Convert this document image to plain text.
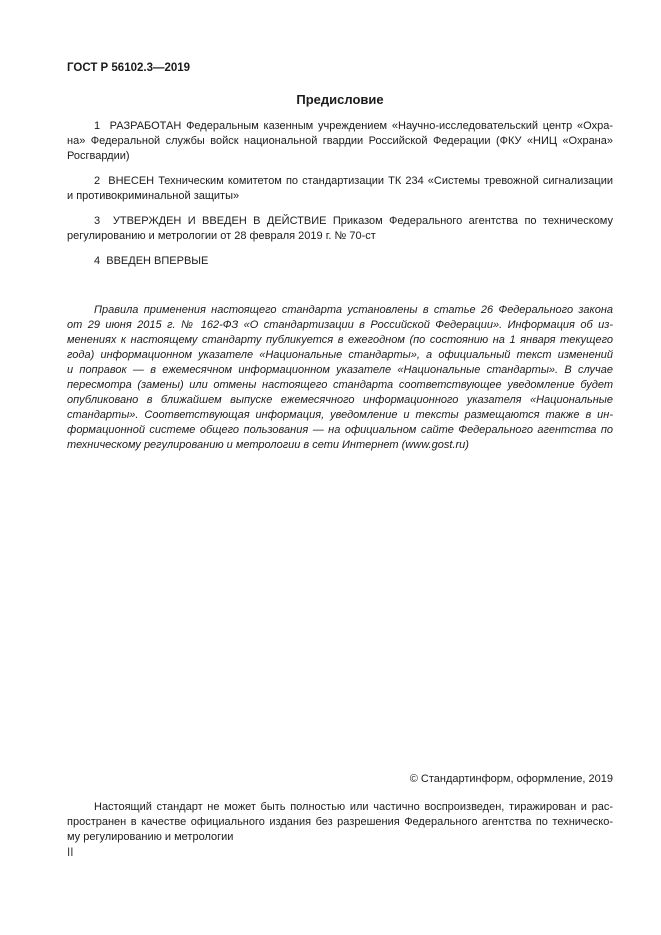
ГОСТ Р 56102.3—2019
Предисловие
1  РАЗРАБОТАН Федеральным казенным учреждением «Научно-исследовательский центр «Охра-
на» Федеральной службы войск национальной гвардии Российской Федерации (ФКУ «НИЦ «Охрана»
Росгвардии)
2  ВНЕСЕН Техническим комитетом по стандартизации ТК 234 «Системы тревожной сигнализации
и противокриминальной защиты»
3  УТВЕРЖДЕН И ВВЕДЕН В ДЕЙСТВИЕ Приказом Федерального агентства по техническому
регулированию и метрологии от 28 февраля 2019 г. № 70-ст
4  ВВЕДЕН ВПЕРВЫЕ
Правила применения настоящего стандарта установлены в статье 26 Федерального закона
от 29 июня 2015 г. № 162-ФЗ «О стандартизации в Российской Федерации». Информация об из-
менениях к настоящему стандарту публикуется в ежегодном (по состоянию на 1 января текущего
года) информационном указателе «Национальные стандарты», а официальный текст изменений
и поправок — в ежемесячном информационном указателе «Национальные стандарты». В случае
пересмотра (замены) или отмены настоящего стандарта соответствующее уведомление будет
опубликовано в ближайшем выпуске ежемесячного информационного указателя «Национальные
стандарты». Соответствующая информация, уведомление и тексты размещаются также в ин-
формационной системе общего пользования — на официальном сайте Федерального агентства по
техническому регулированию и метрологии в сети Интернет (www.gost.ru)
© Стандартинформ, оформление, 2019
Настоящий стандарт не может быть полностью или частично воспроизведен, тиражирован и рас-
пространен в качестве официального издания без разрешения Федерального агентства по техническо-
му регулированию и метрологии
II
